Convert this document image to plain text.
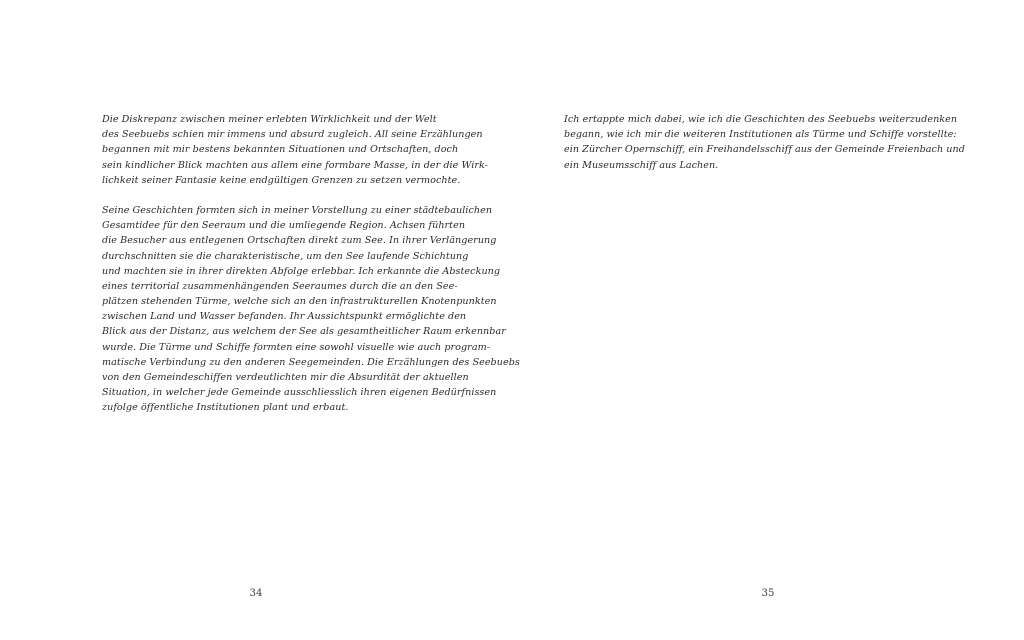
Die Diskrepanz zwischen meiner erlebten Wirklichkeit und der Welt
des Seebuebs schien mir immens und absurd zugleich. All seine Erzählungen
begannen mit mir bestens bekannten Situationen und Ortschaften, doch
sein kindlicher Blick machten aus allem eine formbare Masse, in der die Wirk-
lichkeit seiner Fantasie keine endgültigen Grenzen zu setzen vermochte.

Seine Geschichten formten sich in meiner Vorstellung zu einer städtebaulichen
Gesamtidee für den Seeraum und die umliegende Region. Achsen führten
die Besucher aus entlegenen Ortschaften direkt zum See. In ihrer Verlängerung
durchschnitten sie die charakteristische, um den See laufende Schichtung
und machten sie in ihrer direkten Abfolge erlebbar. Ich erkannte die Absteckung
eines territorial zusammenhängenden Seeraumes durch die an den See-
plätzen stehenden Türme, welche sich an den infrastrukturellen Knotenpunkten
zwischen Land und Wasser befanden. Ihr Aussichtspunkt ermöglichte den
Blick aus der Distanz, aus welchem der See als gesamtheitlicher Raum erkennbar
wurde. Die Türme und Schiffe formten eine sowohl visuelle wie auch program-
matische Verbindung zu den anderen Seegemeinden. Die Erzählungen des Seebuebs
von den Gemeindeschiffen verdeutlichten mir die Absurdität der aktuellen
Situation, in welcher jede Gemeinde ausschliesslich ihren eigenen Bedürfnissen
zufolge öffentliche Institutionen plant und erbaut.

34

Ich ertappte mich dabei, wie ich die Geschichten des Seebuebs weiterzudenken
begann, wie ich mir die weiteren Institutionen als Türme und Schiffe vorstellte:
ein Zürcher Opernschiff, ein Freihandelsschiff aus der Gemeinde Freienbach und
ein Museumsschiff aus Lachen.

35
